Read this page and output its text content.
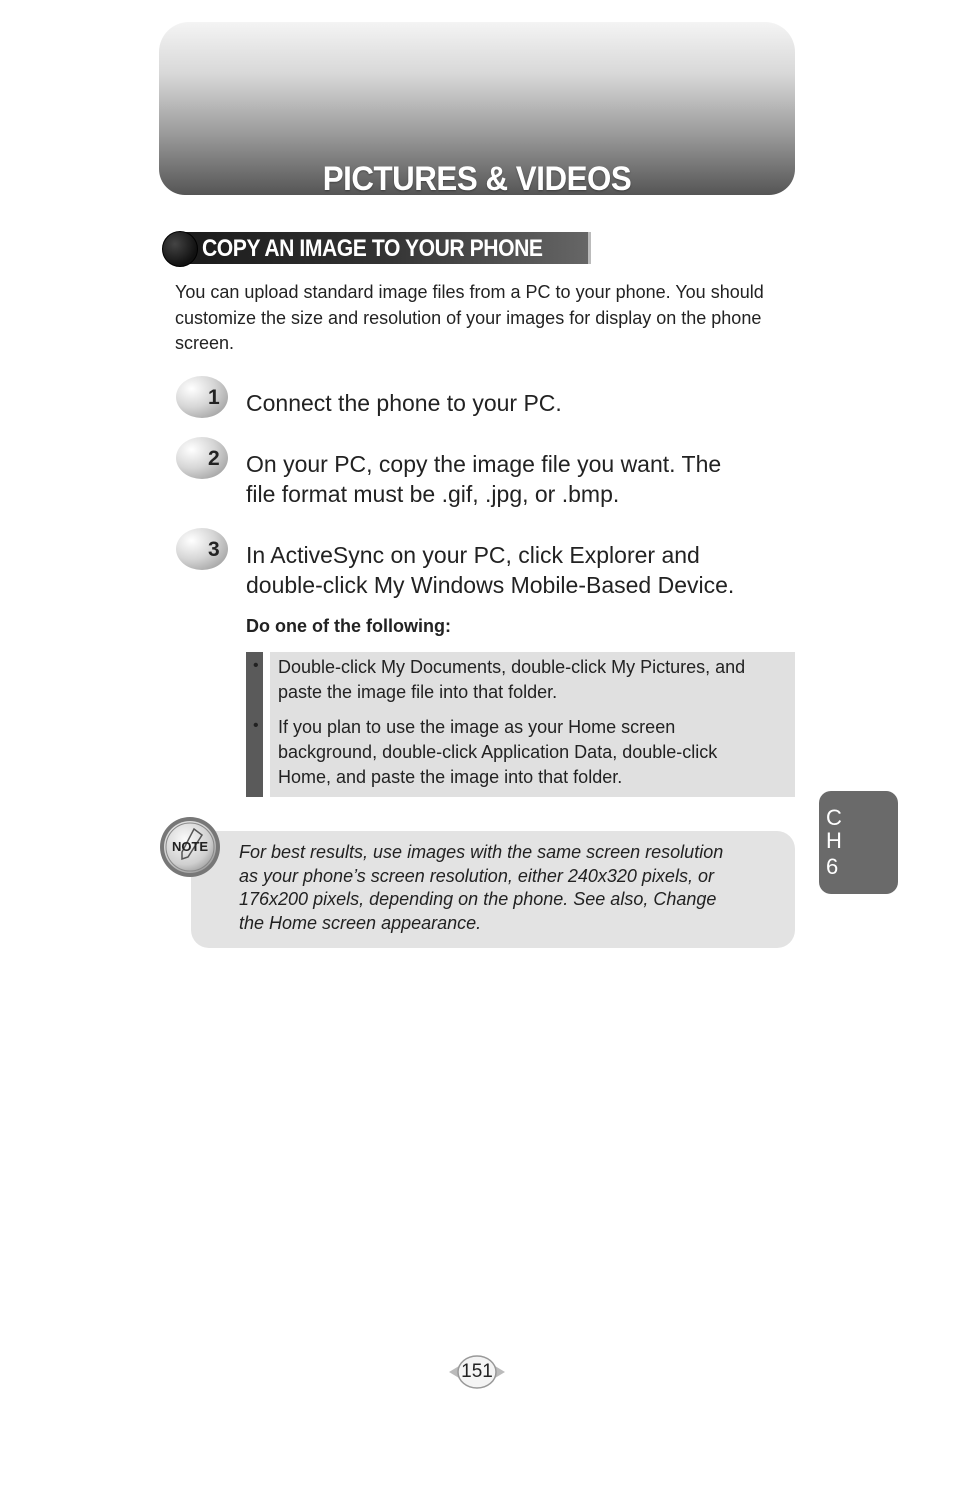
PICTURES & VIDEOS
COPY AN IMAGE TO YOUR PHONE
You can upload standard image files from a PC to your phone. You should customize the size and resolution of your images for display on the phone screen.
1 Connect the phone to your PC.
2 On your PC, copy the image file you want. The
file format must be .gif, .jpg, or .bmp.
3 In ActiveSync on your PC, click Explorer and
double-click My Windows Mobile-Based Device.
Do one of the following:
• Double-click My Documents, double-click My Pictures, and
paste the image file into that folder.
• If you plan to use the image as your Home screen
background, double-click Application Data, double-click
Home, and paste the image into that folder.
For best results, use images with the same screen resolution
as your phone’s screen resolution, either 240x320 pixels, or
176x200 pixels, depending on the phone. See also, Change
the Home screen appearance.
NOTE
C
H
6
151
